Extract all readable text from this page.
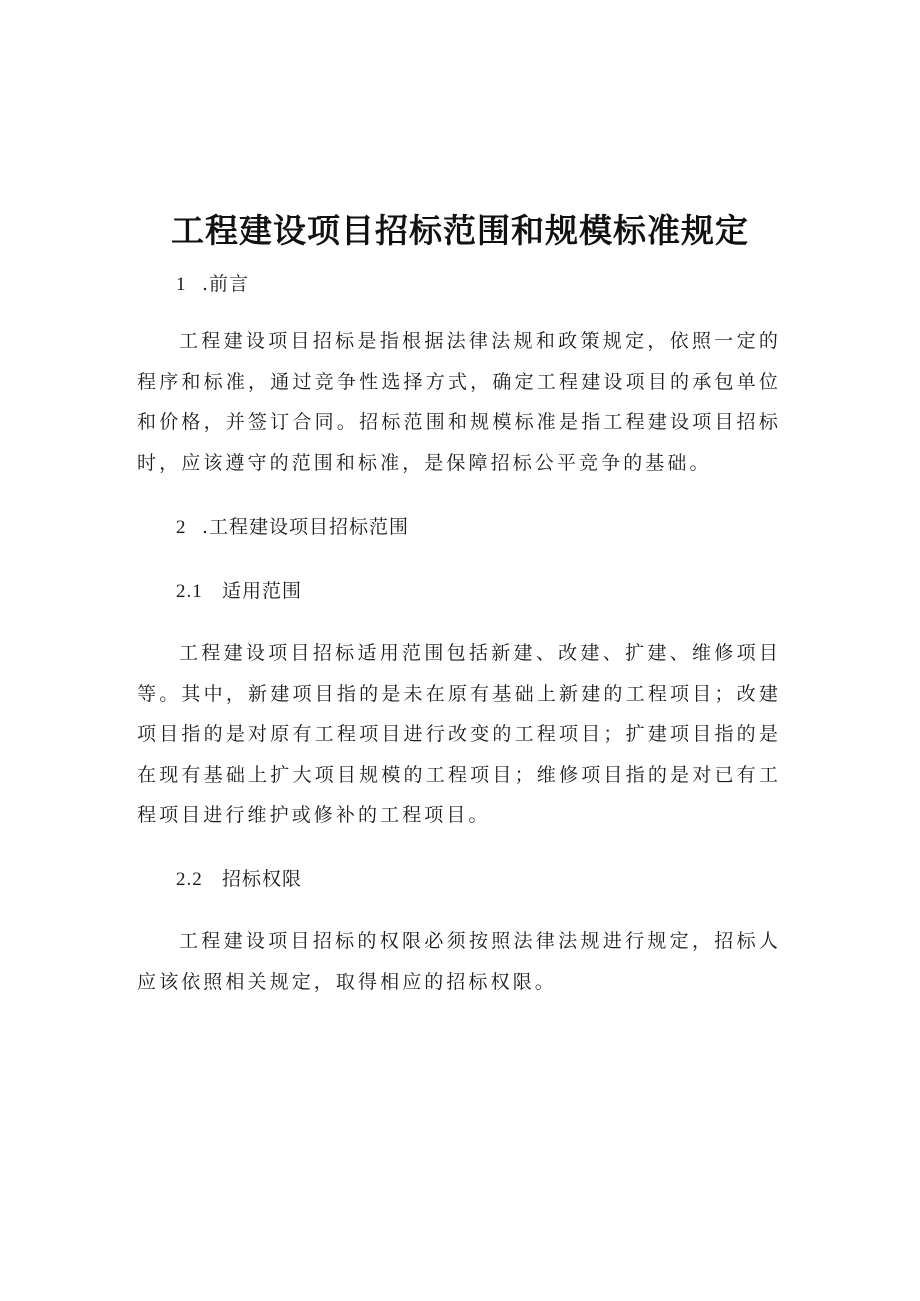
工程建设项目招标范围和规模标准规定
1 .前言

工程建设项目招标是指根据法律法规和政策规定，依照一定的程序和标准，通过竞争性选择方式，确定工程建设项目的承包单位和价格，并签订合同。招标范围和规模标准是指工程建设项目招标时，应该遵守的范围和标准，是保障招标公平竞争的基础。

2 .工程建设项目招标范围
2.1 适用范围

工程建设项目招标适用范围包括新建、改建、扩建、维修项目等。其中，新建项目指的是未在原有基础上新建的工程项目；改建项目指的是对原有工程项目进行改变的工程项目；扩建项目指的是在现有基础上扩大项目规模的工程项目；维修项目指的是对已有工程项目进行维护或修补的工程项目。

2.2 招标权限

工程建设项目招标的权限必须按照法律法规进行规定，招标人应该依照相关规定，取得相应的招标权限。
